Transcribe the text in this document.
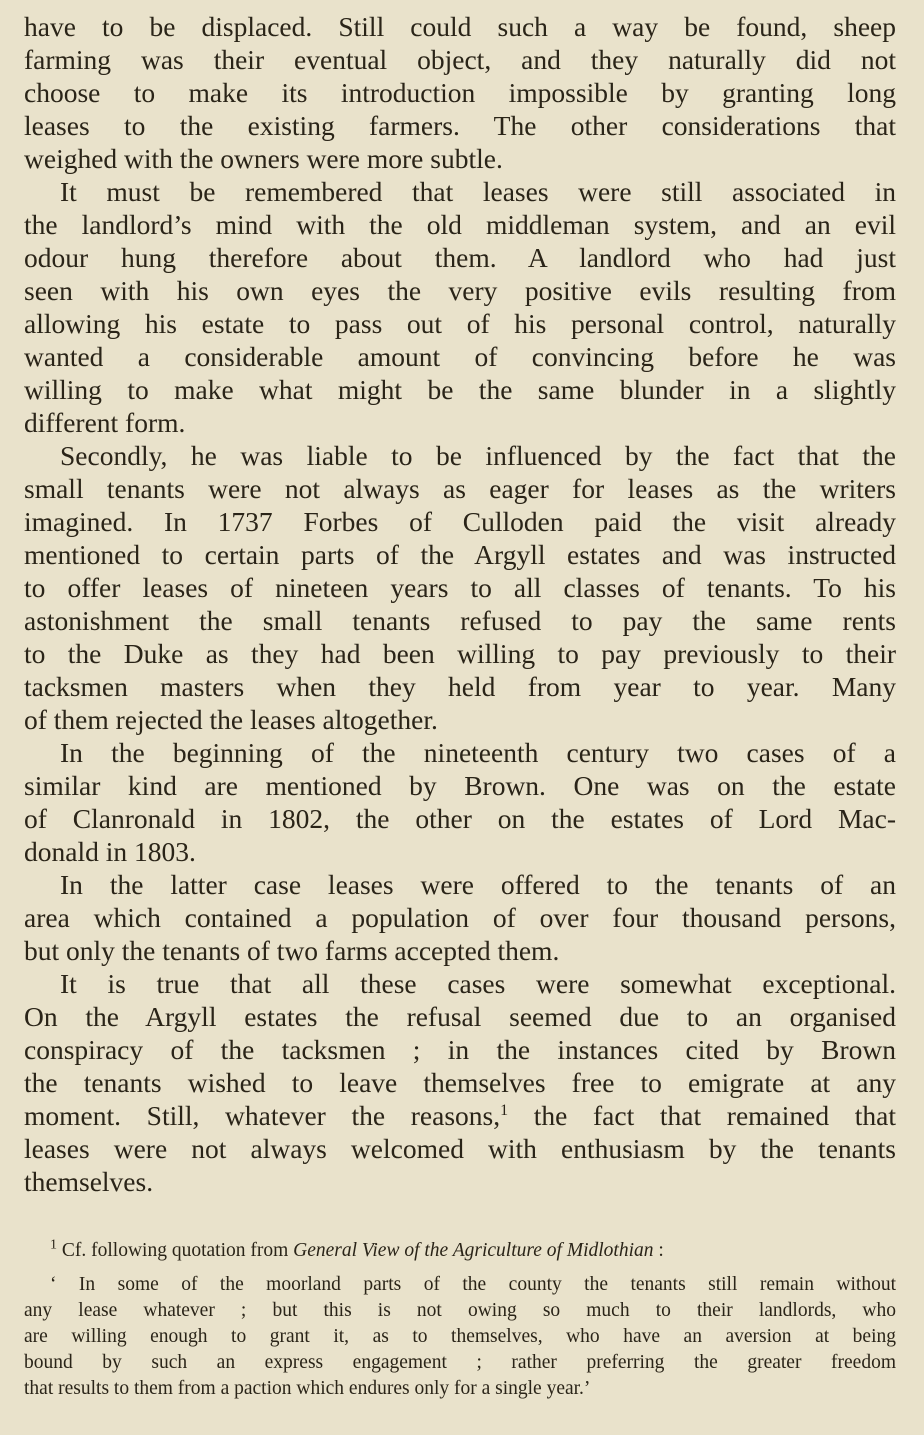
have to be displaced. Still could such a way be found, sheep
farming was their eventual object, and they naturally did not
choose to make its introduction impossible by granting long
leases to the existing farmers. The other considerations that
weighed with the owners were more subtle.

It must be remembered that leases were still associated in
the landlord’s mind with the old middleman system, and an evil
odour hung therefore about them. A landlord who had just
seen with his own eyes the very positive evils resulting from
allowing his estate to pass out of his personal control, naturally
wanted a considerable amount of convincing before he was
willing to make what might be the same blunder in a slightly
different form.

Secondly, he was liable to be influenced by the fact that the
small tenants were not always as eager for leases as the writers
imagined. In 1737 Forbes of Culloden paid the visit already
mentioned to certain parts of the Argyll estates and was instructed
to offer leases of nineteen years to all classes of tenants. To his
astonishment the small tenants refused to pay the same rents
to the Duke as they had been willing to pay previously to their
tacksmen masters when they held from year to year. Many
of them rejected the leases altogether.

In the beginning of the nineteenth century two cases of a
similar kind are mentioned by Brown. One was on the estate
of Clanronald in 1802, the other on the estates of Lord Mac-
donald in 1803.

In the latter case leases were offered to the tenants of an
area which contained a population of over four thousand persons,
but only the tenants of two farms accepted them.

It is true that all these cases were somewhat exceptional.
On the Argyll estates the refusal seemed due to an organised
conspiracy of the tacksmen ; in the instances cited by Brown
the tenants wished to leave themselves free to emigrate at any
moment. Still, whatever the reasons,$^1$ the fact that remained that
leases were not always welcomed with enthusiasm by the tenants
themselves.

$^1$ Cf. following quotation from General View of the Agriculture of Midlothian :
‘ In some of the moorland parts of the county the tenants still remain without
any lease whatever ; but this is not owing so much to their landlords, who
are willing enough to grant it, as to themselves, who have an aversion at being
bound by such an express engagement ; rather preferring the greater freedom
that results to them from a paction which endures only for a single year.’
